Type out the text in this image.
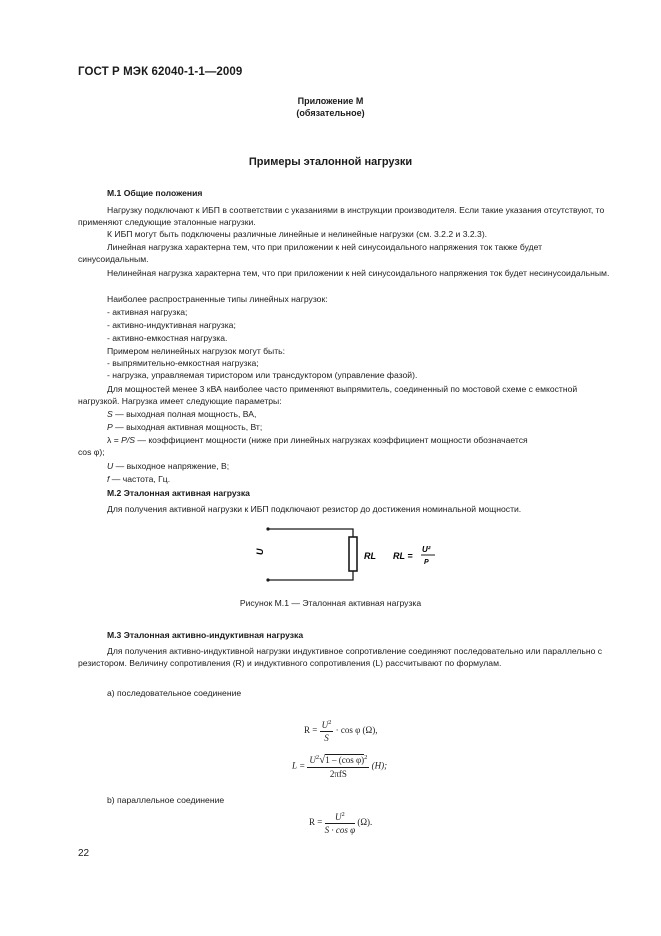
ГОСТ Р МЭК 62040-1-1—2009
Приложение М
(обязательное)
Примеры эталонной нагрузки
М.1 Общие положения
Нагрузку подключают к ИБП в соответствии с указаниями в инструкции производителя. Если такие указания отсутствуют, то применяют следующие эталонные нагрузки.
К ИБП могут быть подключены различные линейные и нелинейные нагрузки (см. 3.2.2 и 3.2.3).
Линейная нагрузка характерна тем, что при приложении к ней синусоидального напряжения ток также будет синусоидальным.
Нелинейная нагрузка характерна тем, что при приложении к ней синусоидального напряжения ток будет несинусоидальным.
Наиболее распространенные типы линейных нагрузок:
- активная нагрузка;
- активно-индуктивная нагрузка;
- активно-емкостная нагрузка.
Примером нелинейных нагрузок могут быть:
- выпрямительно-емкостная нагрузка;
- нагрузка, управляемая тиристором или трансдуктором (управление фазой).
Для мощностей менее 3 кВА наиболее часто применяют выпрямитель, соединенный по мостовой схеме с емкостной нагрузкой. Нагрузка имеет следующие параметры:
S — выходная полная мощность, ВА,
P — выходная активная мощность, Вт;
λ = P/S — коэффициент мощности (ниже при линейных нагрузках коэффициент мощности обозначается
cos φ);
U — выходное напряжение, В;
f — частота, Гц.
М.2 Эталонная активная нагрузка
Для получения активной нагрузки к ИБП подключают резистор до достижения номинальной мощности.
U	RL RL =
U²
P
Рисунок М.1 — Эталонная активная нагрузка
М.3 Эталонная активно-индуктивная нагрузка
Для получения активно-индуктивной нагрузки индуктивное сопротивление соединяют последовательно или параллельно с резистором. Величину сопротивления (R) и индуктивного сопротивления (L) рассчитывают по формулам.
а) последовательное соединение
$R = \frac{U^2}{S} \cdot \cos \varphi$ (Ω),
$L = \frac{U^2√1 - (\cos \varphi)^2}{\text{2πfS}} (H)$;
b) параллельное соединение
$R = \frac{U^2}{\text{S · cos φ}} (\Omega)$.
22
